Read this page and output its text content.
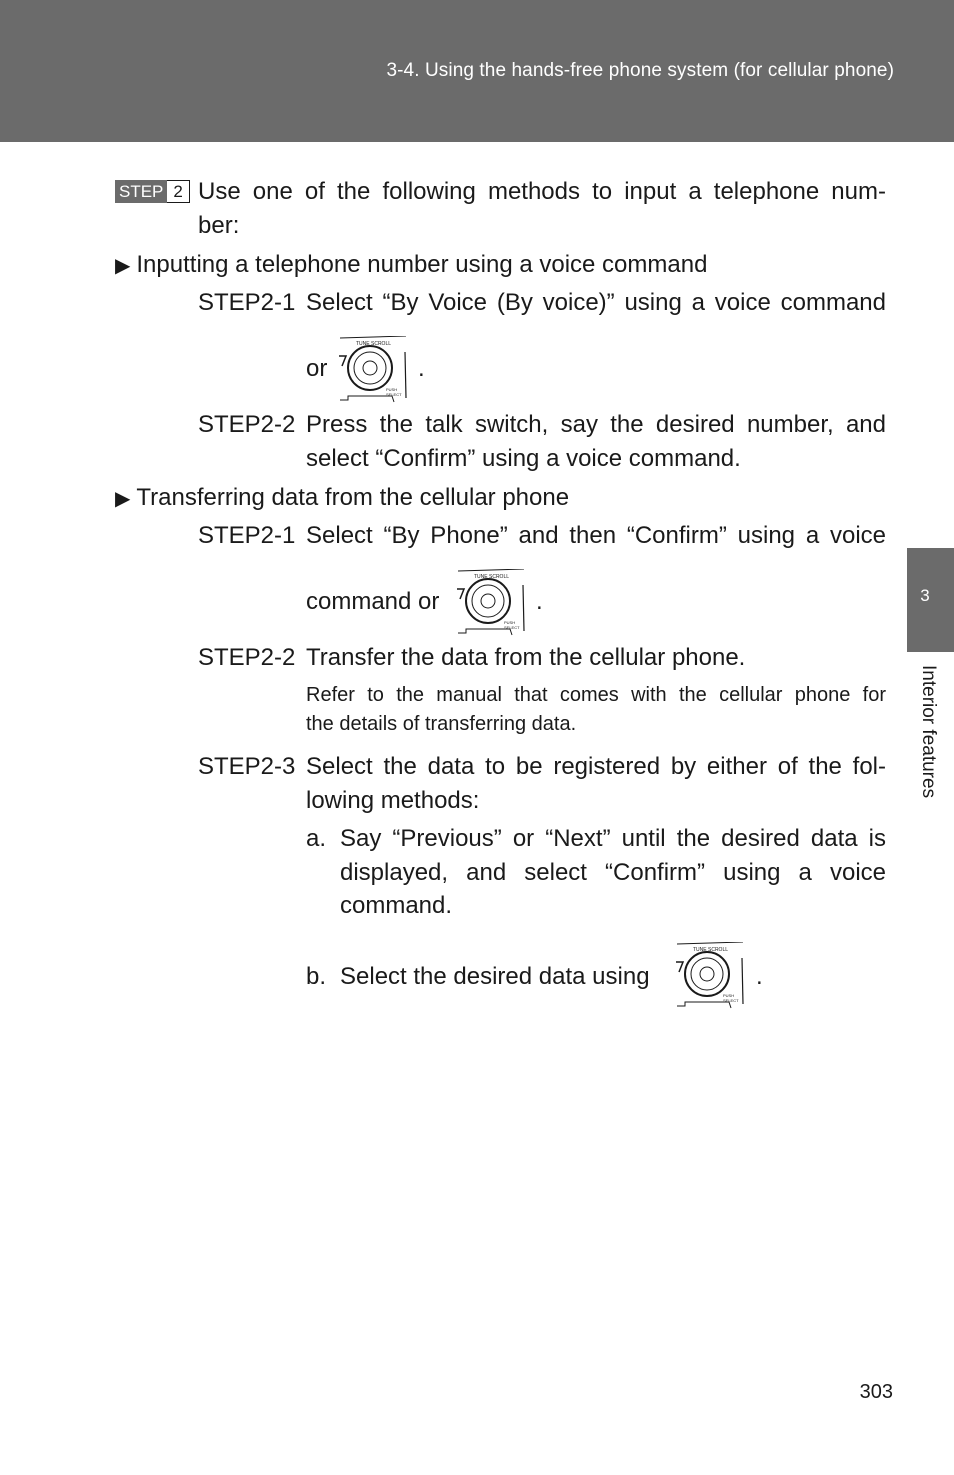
3-4. Using the hands-free phone system (for cellular phone)
3
Interior features
STEP 2 Use one of the following methods to input a telephone num-
ber:
▶ Inputting a telephone number using a voice command
STEP2-1 Select “By Voice (By voice)” using a voice command
or
TUNE SCROLL
PUSH
SELECT
.
STEP2-2 Press the talk switch, say the desired number, and
select “Confirm” using a voice command.
▶ Transferring data from the cellular phone
STEP2-1 Select “By Phone” and then “Confirm” using a voice
command or
TUNE SCROLL
PUSH
SELECT
.
STEP2-2 Transfer the data from the cellular phone.
Refer to the manual that comes with the cellular phone for
the details of transferring data.
STEP2-3 Select the data to be registered by either of the fol-
lowing methods:
a. Say “Previous” or “Next” until the desired data is
displayed, and select “Confirm” using a voice
command.
b. Select the desired data using
TUNE SCROLL
PUSH
SELECT
.
303
